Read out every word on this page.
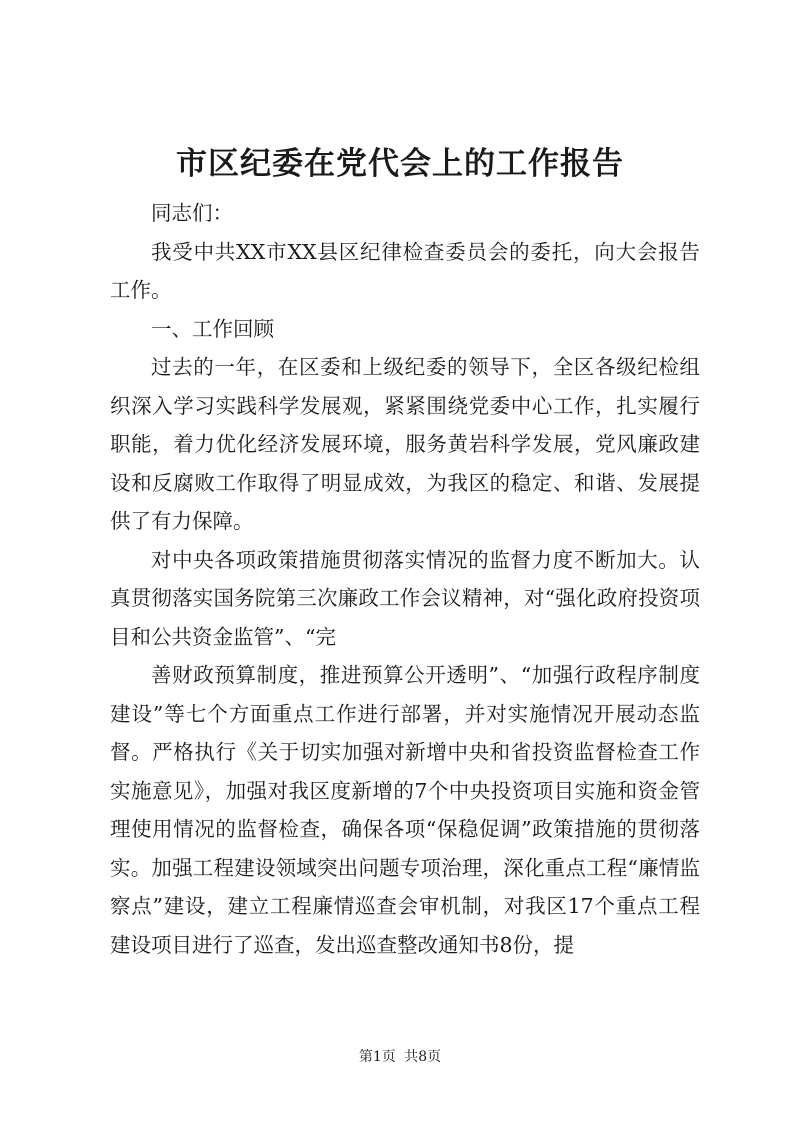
市区纪委在党代会上的工作报告

同志们：

我受中共XX市XX县区纪律检查委员会的委托，向大会报告工作。

一、工作回顾

过去的一年，在区委和上级纪委的领导下，全区各级纪检组织深入学习实践科学发展观，紧紧围绕党委中心工作，扎实履行职能，着力优化经济发展环境，服务黄岩科学发展，党风廉政建设和反腐败工作取得了明显成效，为我区的稳定、和谐、发展提供了有力保障。

对中央各项政策措施贯彻落实情况的监督力度不断加大。认真贯彻落实国务院第三次廉政工作会议精神，对“强化政府投资项目和公共资金监管”、“完

善财政预算制度，推进预算公开透明”、“加强行政程序制度建设”等七个方面重点工作进行部署，并对实施情况开展动态监督。严格执行《关于切实加强对新增中央和省投资监督检查工作实施意见》，加强对我区度新增的7个中央投资项目实施和资金管理使用情况的监督检查，确保各项“保稳促调”政策措施的贯彻落实。加强工程建设领域突出问题专项治理，深化重点工程“廉情监察点”建设，建立工程廉情巡查会审机制，对我区17个重点工程建设项目进行了巡查，发出巡查整改通知书8份，提

第1页 共8页
